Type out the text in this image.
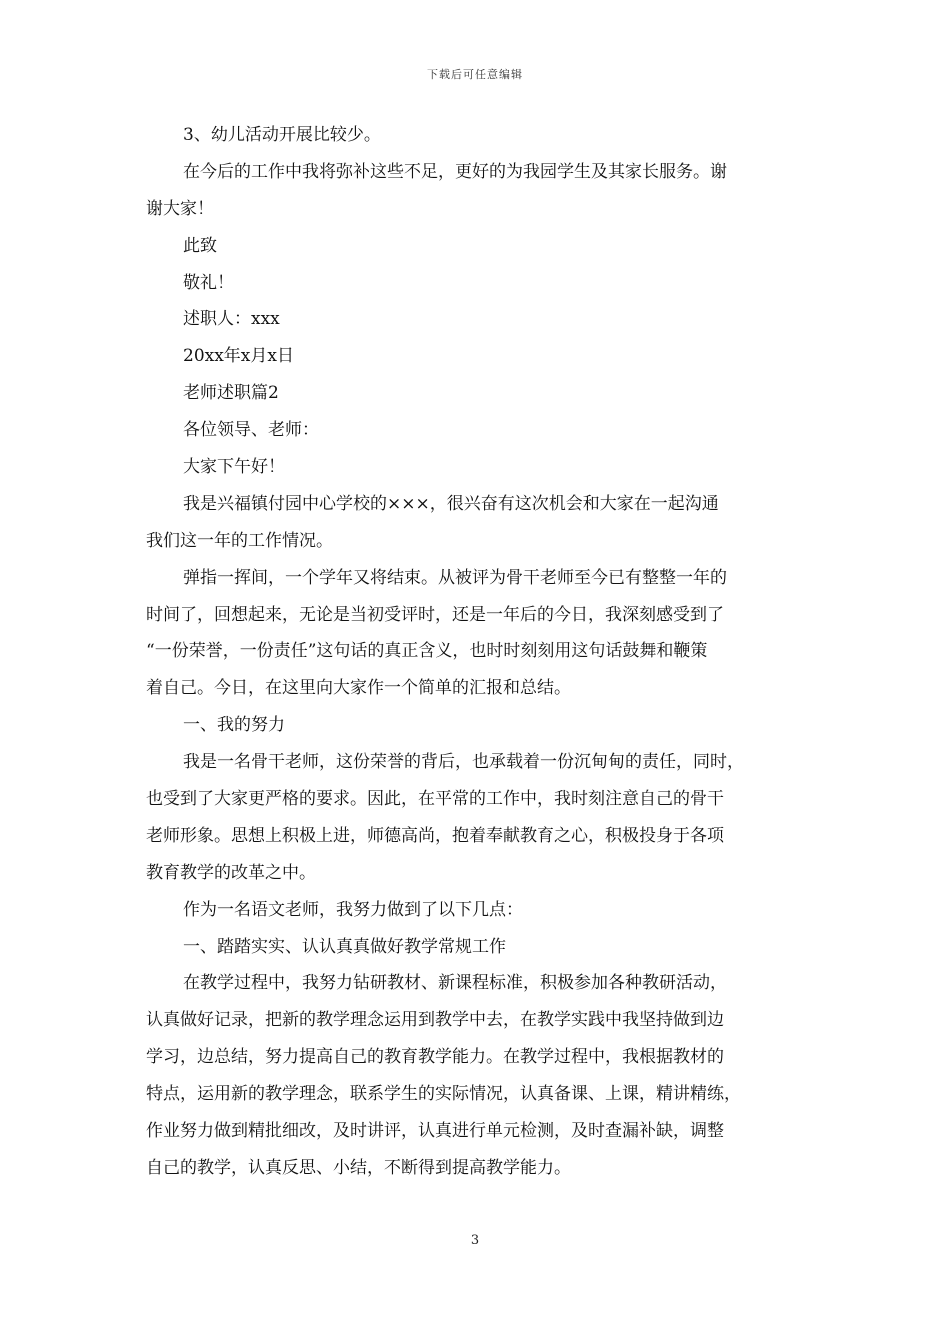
下载后可任意编辑
3、幼儿活动开展比较少。
在今后的工作中我将弥补这些不足，更好的为我园学生及其家长服务。谢
谢大家！
此致
敬礼！
述职人：xxx
20xx年x月x日
老师述职篇2
各位领导、老师：
大家下午好！
我是兴福镇付园中心学校的×××，很兴奋有这次机会和大家在一起沟通
我们这一年的工作情况。
弹指一挥间，一个学年又将结束。从被评为骨干老师至今已有整整一年的
时间了，回想起来，无论是当初受评时，还是一年后的今日，我深刻感受到了
“一份荣誉，一份责任”这句话的真正含义，也时时刻刻用这句话鼓舞和鞭策
着自己。今日，在这里向大家作一个简单的汇报和总结。
一、我的努力
我是一名骨干老师，这份荣誉的背后，也承载着一份沉甸甸的责任，同时，
也受到了大家更严格的要求。因此，在平常的工作中，我时刻注意自己的骨干
老师形象。思想上积极上进，师德高尚，抱着奉献教育之心，积极投身于各项
教育教学的改革之中。
作为一名语文老师，我努力做到了以下几点：
一、踏踏实实、认认真真做好教学常规工作
在教学过程中，我努力钻研教材、新课程标准，积极参加各种教研活动，
认真做好记录，把新的教学理念运用到教学中去，在教学实践中我坚持做到边
学习，边总结，努力提高自己的教育教学能力。在教学过程中，我根据教材的
特点，运用新的教学理念，联系学生的实际情况，认真备课、上课，精讲精练，
作业努力做到精批细改，及时讲评，认真进行单元检测，及时查漏补缺，调整
自己的教学，认真反思、小结，不断得到提高教学能力。
3
